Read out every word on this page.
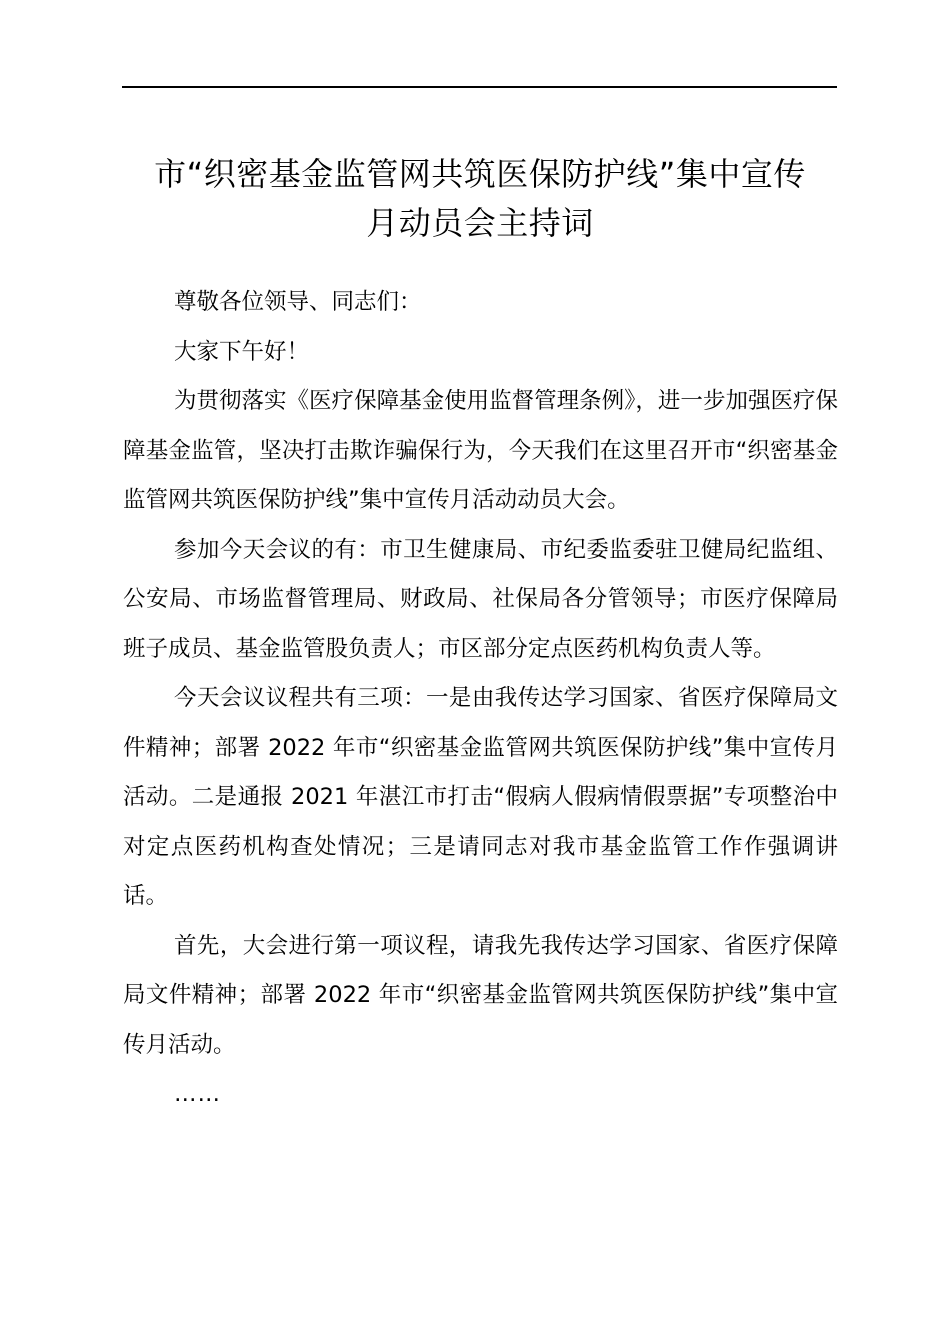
市“织密基金监管网共筑医保防护线”集中宣传
月动员会主持词

尊敬各位领导、同志们：

大家下午好！

为贯彻落实《医疗保障基金使用监督管理条例》，进一步加强医疗保障基金监管，坚决打击欺诈骗保行为，今天我们在这里召开市“织密基金监管网共筑医保防护线”集中宣传月活动动员大会。

参加今天会议的有：市卫生健康局、市纪委监委驻卫健局纪监组、公安局、市场监督管理局、财政局、社保局各分管领导；市医疗保障局班子成员、基金监管股负责人；市区部分定点医药机构负责人等。

今天会议议程共有三项：一是由我传达学习国家、省医疗保障局文件精神；部署 2022 年市“织密基金监管网共筑医保防护线”集中宣传月活动。二是通报 2021 年湛江市打击“假病人假病情假票据”专项整治中对定点医药机构查处情况；三是请同志对我市基金监管工作作强调讲话。

首先，大会进行第一项议程，请我先我传达学习国家、省医疗保障局文件精神；部署 2022 年市“织密基金监管网共筑医保防护线”集中宣传月活动。

……
